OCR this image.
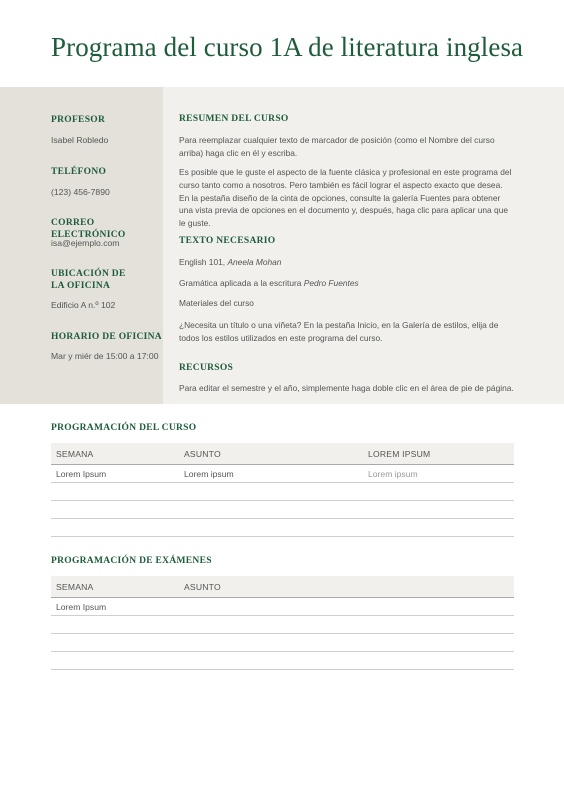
Programa del curso 1A de literatura inglesa
PROFESOR
Isabel Robledo
TELÉFONO
(123) 456-7890
CORREO ELECTRÓNICO
isa@ejemplo.com
UBICACIÓN DE
LA OFICINA
Edificio A n.º 102
HORARIO DE OFICINA
Mar y miér de 15:00 a 17:00
RESUMEN DEL CURSO

Para reemplazar cualquier texto de marcador de posición (como el Nombre del curso arriba) haga clic en él y escriba.

Es posible que le guste el aspecto de la fuente clásica y profesional en este programa del curso tanto como a nosotros. Pero también es fácil lograr el aspecto exacto que desea. En la pestaña diseño de la cinta de opciones, consulte la galería Fuentes para obtener una vista previa de opciones en el documento y, después, haga clic para aplicar una que le guste.

TEXTO NECESARIO
English 101, Aneela Mohan
Gramática aplicada a la escritura Pedro Fuentes
Materiales del curso

¿Necesita un título o una viñeta? En la pestaña Inicio, en la Galería de estilos, elija de todos los estilos utilizados en este programa del curso.

RECURSOS
Para editar el semestre y el año, simplemente haga doble clic en el área de pie de página.
PROGRAMACIÓN DEL CURSO
SEMANA	ASUNTO	LOREM IPSUM
Lorem Ipsum	Lorem ipsum	Lorem ipsum
PROGRAMACIÓN DE EXÁMENES
SEMANA	ASUNTO
Lorem Ipsum
